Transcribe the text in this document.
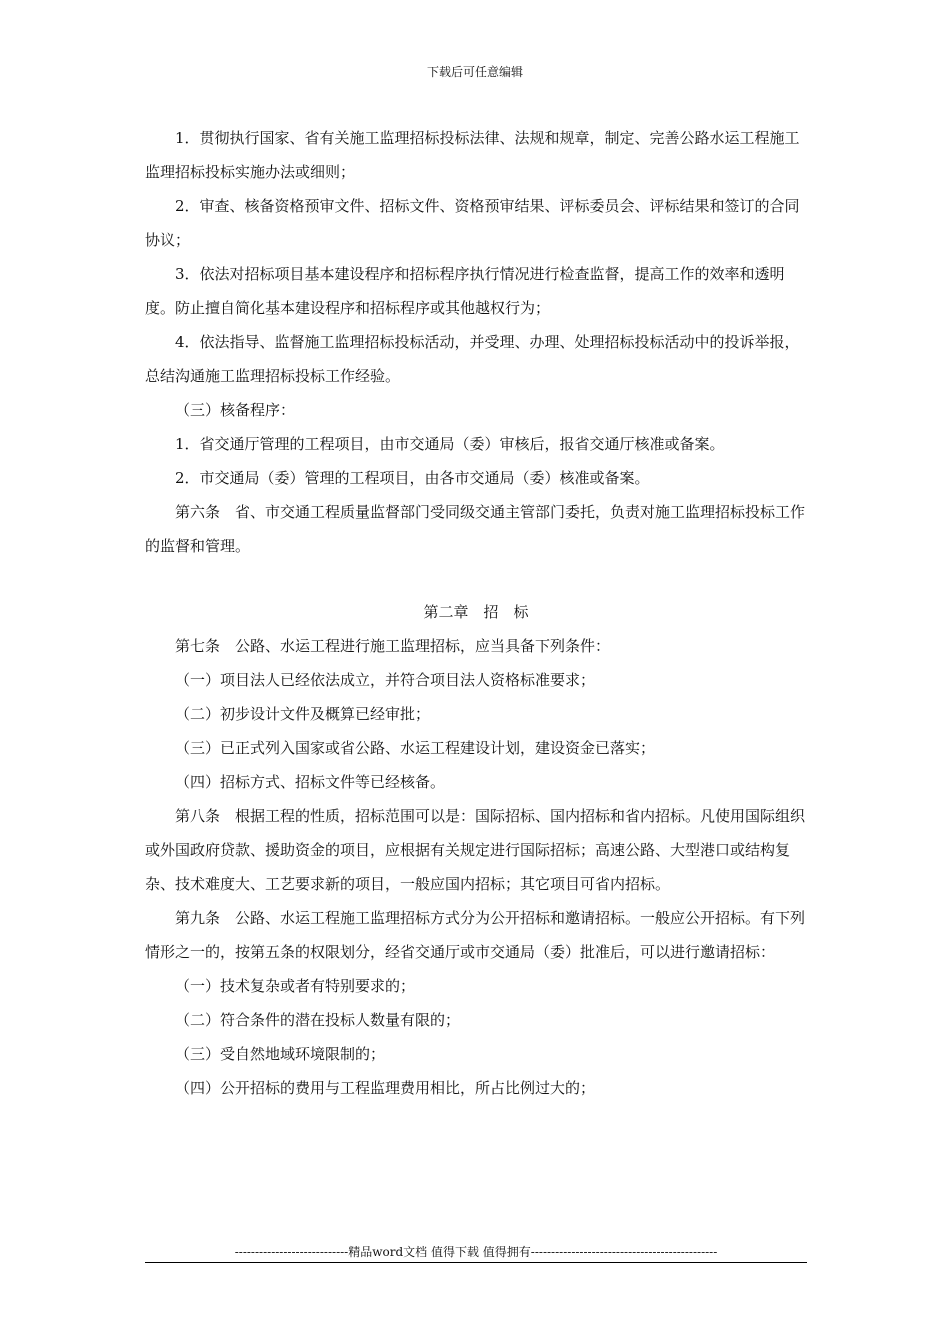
下载后可任意编辑

1．贯彻执行国家、省有关施工监理招标投标法律、法规和规章，制定、完善公路水运工程施工监理招标投标实施办法或细则；

2．审查、核备资格预审文件、招标文件、资格预审结果、评标委员会、评标结果和签订的合同协议；

3．依法对招标项目基本建设程序和招标程序执行情况进行检查监督，提高工作的效率和透明度。防止擅自简化基本建设程序和招标程序或其他越权行为；

4．依法指导、监督施工监理招标投标活动，并受理、办理、处理招标投标活动中的投诉举报，总结沟通施工监理招标投标工作经验。

（三）核备程序：

1．省交通厅管理的工程项目，由市交通局（委）审核后，报省交通厅核准或备案。

2．市交通局（委）管理的工程项目，由各市交通局（委）核准或备案。

第六条　省、市交通工程质量监督部门受同级交通主管部门委托，负责对施工监理招标投标工作的监督和管理。

第二章　招　标

第七条　公路、水运工程进行施工监理招标，应当具备下列条件：

（一）项目法人已经依法成立，并符合项目法人资格标准要求；

（二）初步设计文件及概算已经审批；

（三）已正式列入国家或省公路、水运工程建设计划，建设资金已落实；

（四）招标方式、招标文件等已经核备。

第八条　根据工程的性质，招标范围可以是：国际招标、国内招标和省内招标。凡使用国际组织或外国政府贷款、援助资金的项目，应根据有关规定进行国际招标；高速公路、大型港口或结构复杂、技术难度大、工艺要求新的项目，一般应国内招标；其它项目可省内招标。

第九条　公路、水运工程施工监理招标方式分为公开招标和邀请招标。一般应公开招标。有下列情形之一的，按第五条的权限划分，经省交通厅或市交通局（委）批准后，可以进行邀请招标：

（一）技术复杂或者有特别要求的；

（二）符合条件的潜在投标人数量有限的；

（三）受自然地域环境限制的；

（四）公开招标的费用与工程监理费用相比，所占比例过大的；

----------------------------精品word文档 值得下载 值得拥有----------------------------------------------
